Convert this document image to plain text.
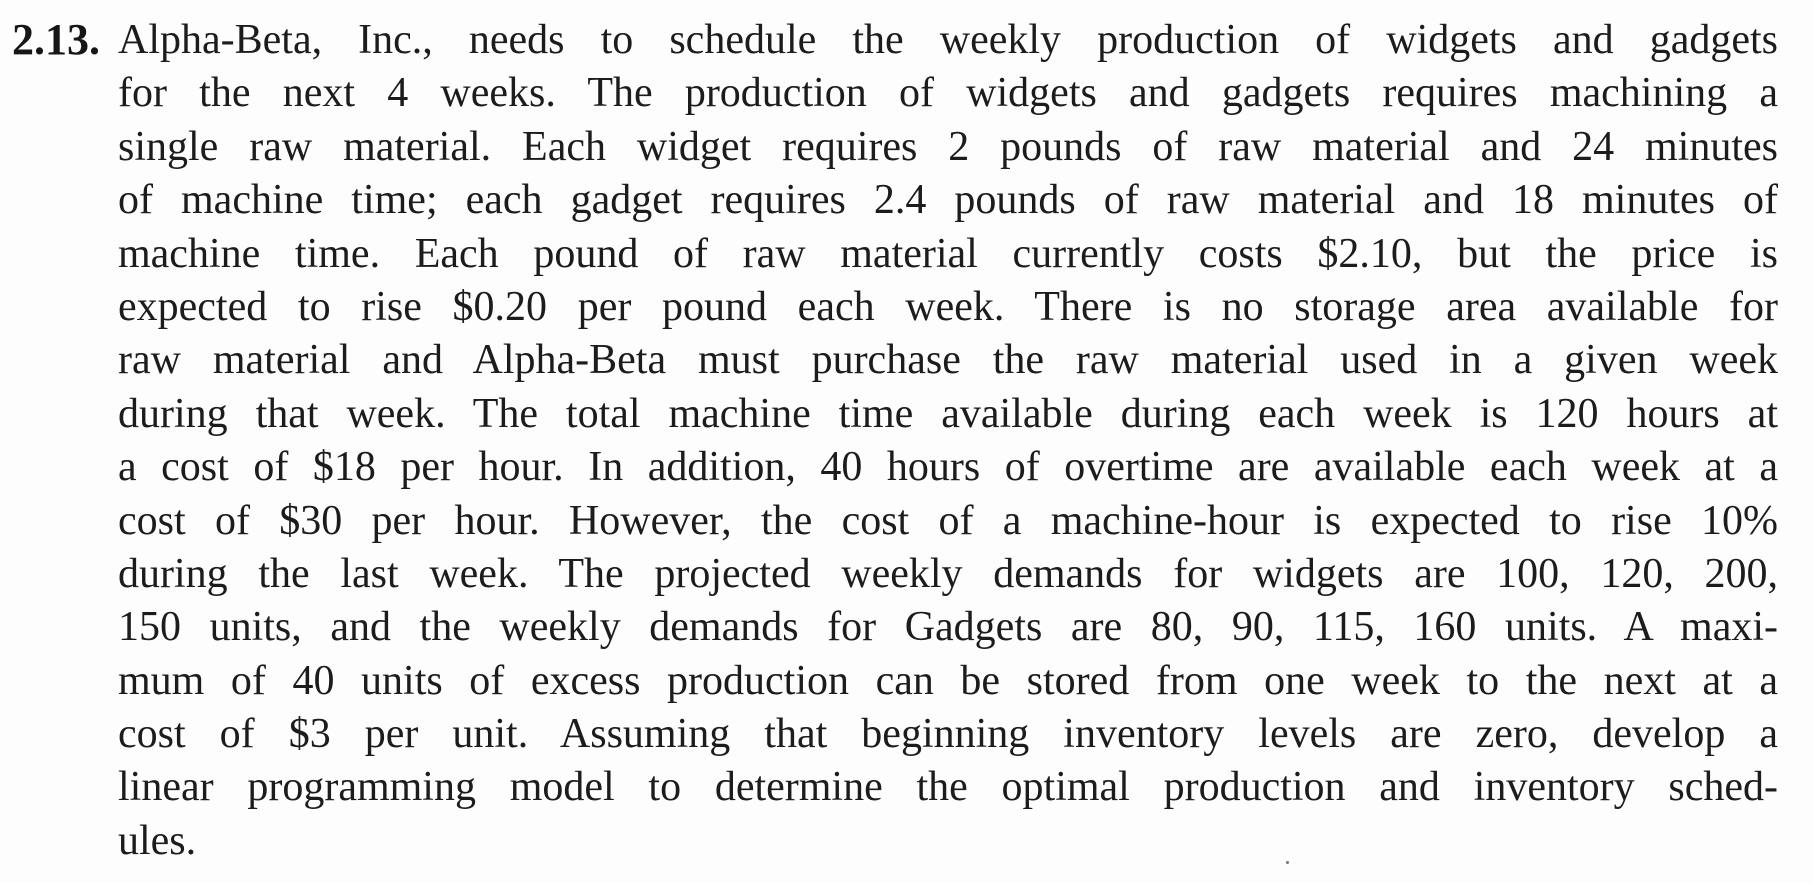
2.13. Alpha-Beta, Inc., needs to schedule the weekly production of widgets and gadgets
for the next 4 weeks. The production of widgets and gadgets requires machining a
single raw material. Each widget requires 2 pounds of raw material and 24 minutes
of machine time; each gadget requires 2.4 pounds of raw material and 18 minutes of
machine time. Each pound of raw material currently costs $2.10, but the price is
expected to rise $0.20 per pound each week. There is no storage area available for
raw material and Alpha-Beta must purchase the raw material used in a given week
during that week. The total machine time available during each week is 120 hours at
a cost of $18 per hour. In addition, 40 hours of overtime are available each week at a
cost of $30 per hour. However, the cost of a machine-hour is expected to rise 10%
during the last week. The projected weekly demands for widgets are 100, 120, 200,
150 units, and the weekly demands for Gadgets are 80, 90, 115, 160 units. A maxi-
mum of 40 units of excess production can be stored from one week to the next at a
cost of $3 per unit. Assuming that beginning inventory levels are zero, develop a
linear programming model to determine the optimal production and inventory sched-
ules.
